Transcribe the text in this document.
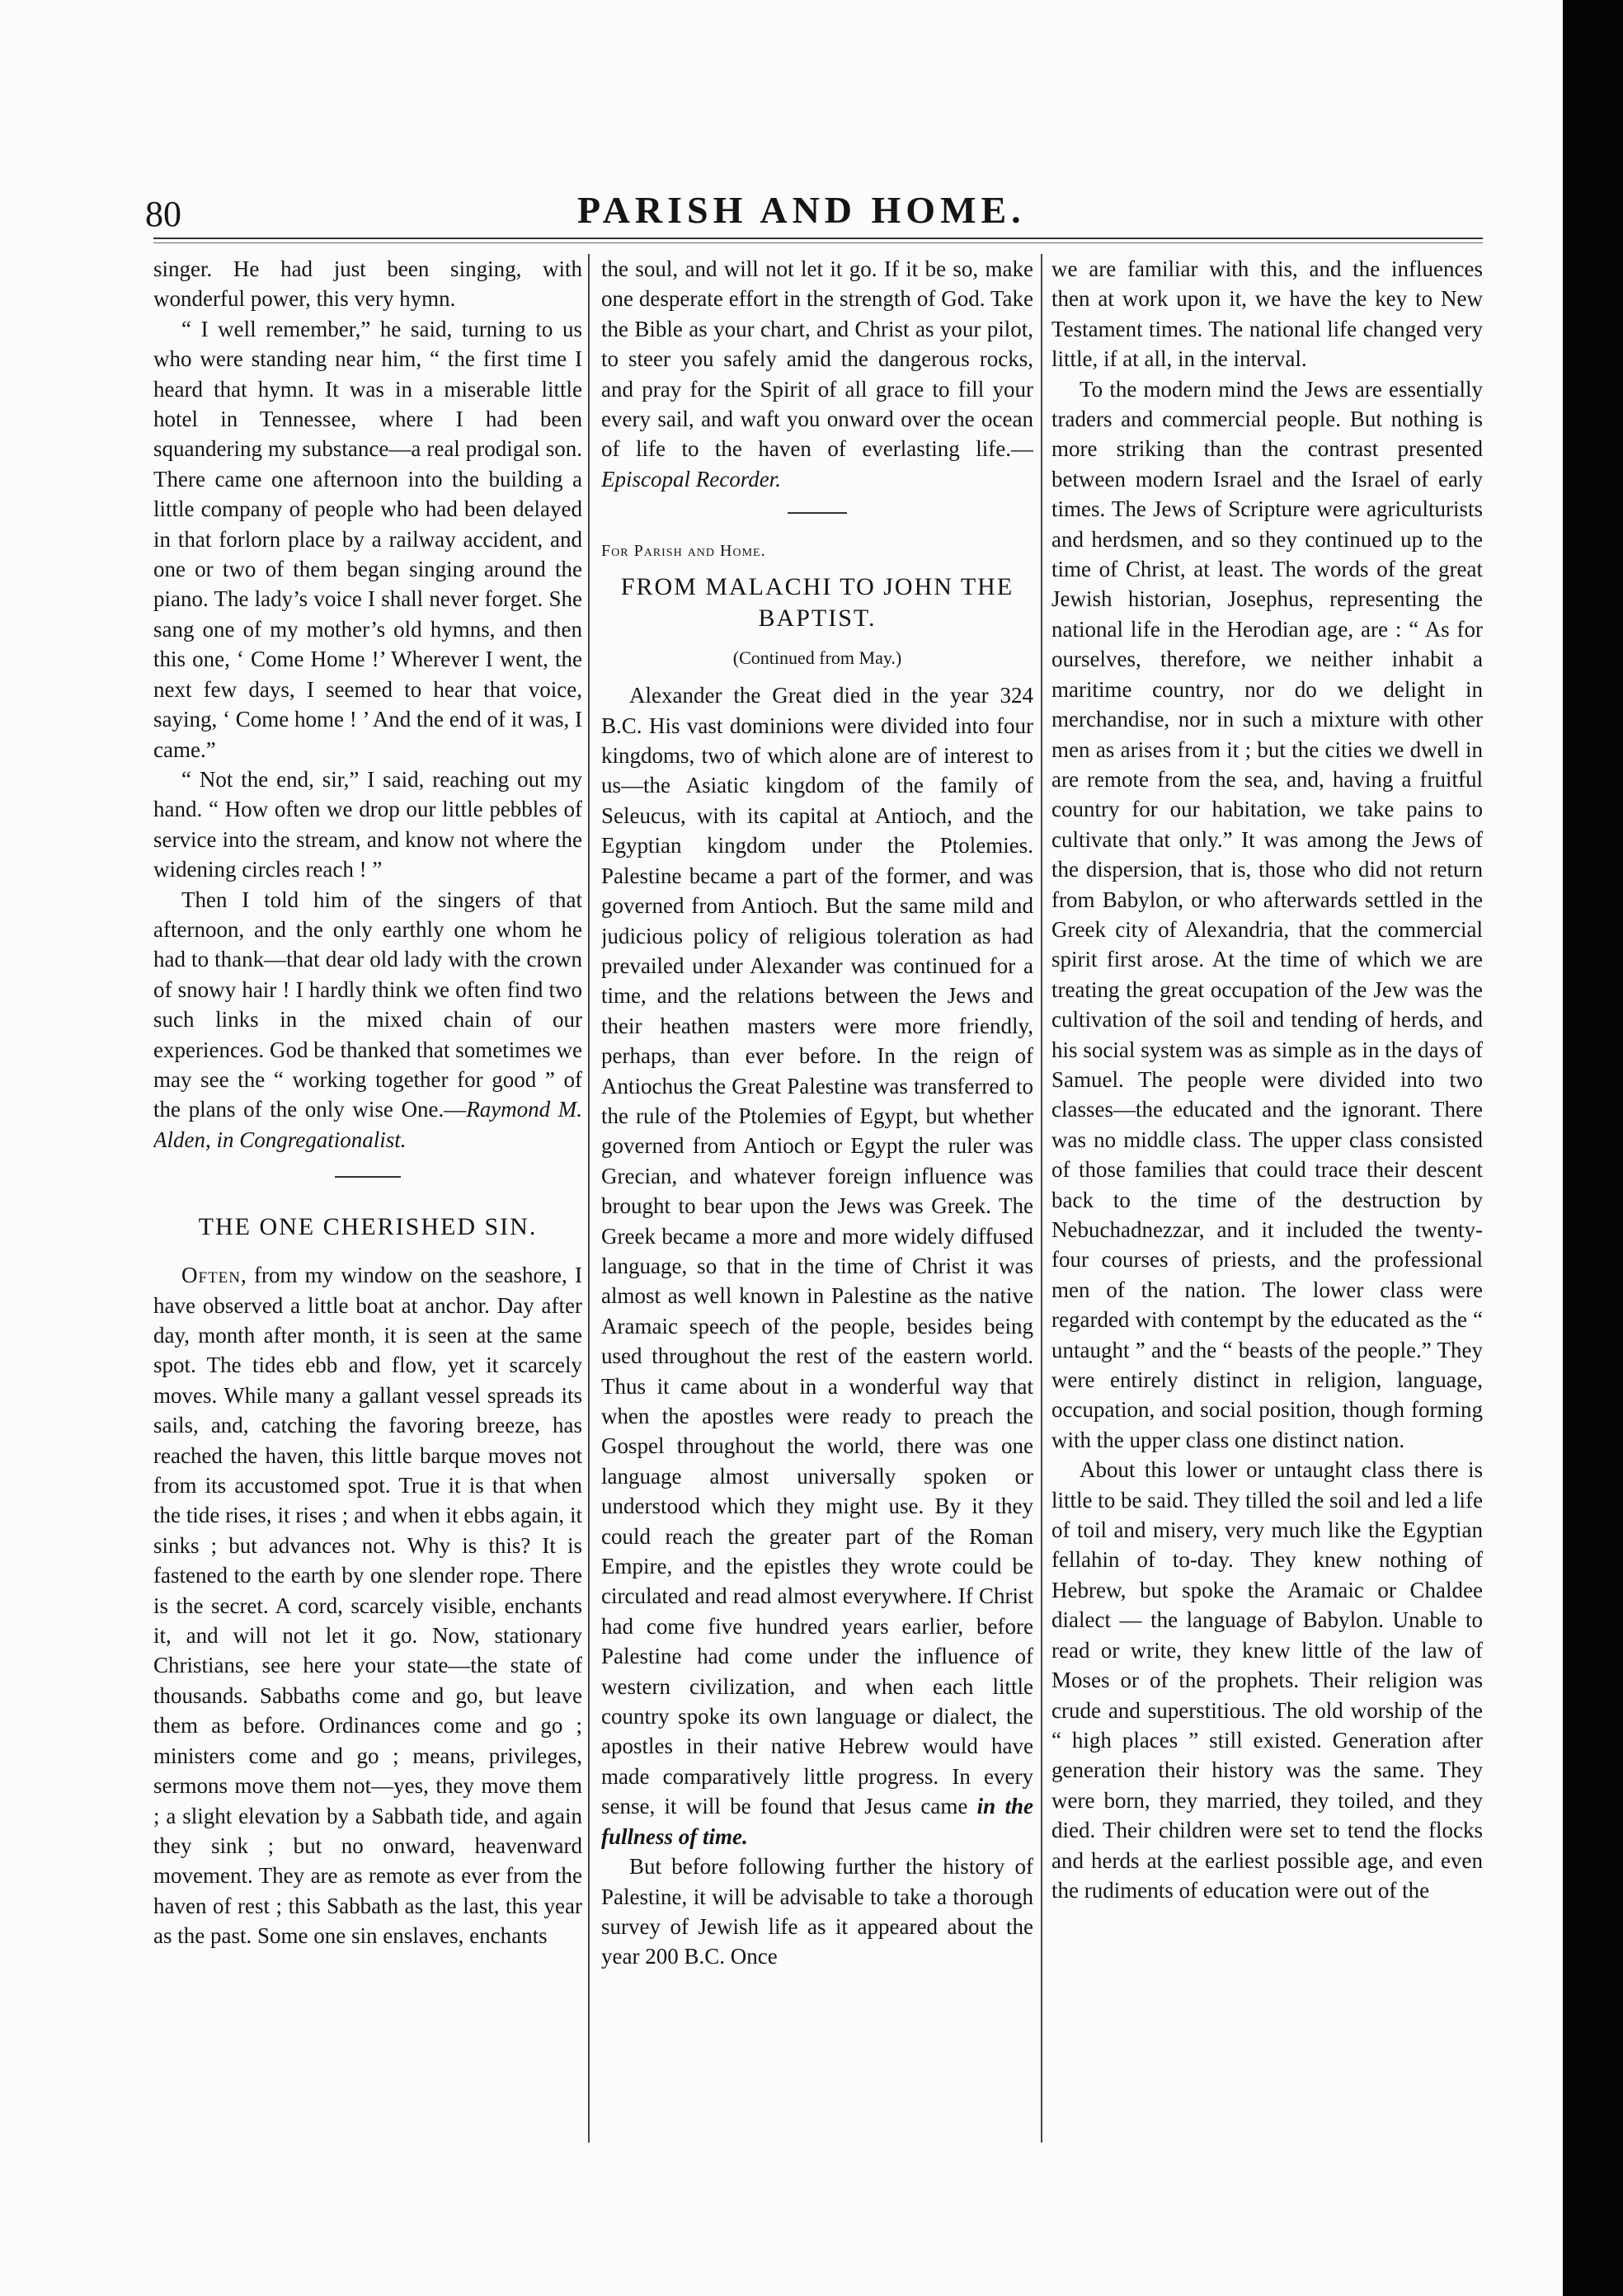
80	PARISH AND HOME.

singer. He had just been singing, with wonderful power, this very hymn.

“ I well remember,” he said, turning to us who were standing near him, “ the first time I heard that hymn. It was in a miserable little hotel in Tennessee, where I had been squandering my substance—a real prodigal son. There came one afternoon into the building a little company of people who had been delayed in that forlorn place by a railway accident, and one or two of them began singing around the piano. The lady’s voice I shall never forget. She sang one of my mother’s old hymns, and then this one, ‘ Come Home !’ Wherever I went, the next few days, I seemed to hear that voice, saying, ‘ Come home ! ’ And the end of it was, I came.”

“ Not the end, sir,” I said, reaching out my hand. “ How often we drop our little pebbles of service into the stream, and know not where the widening circles reach ! ”

Then I told him of the singers of that afternoon, and the only earthly one whom he had to thank—that dear old lady with the crown of snowy hair ! I hardly think we often find two such links in the mixed chain of our experiences. God be thanked that sometimes we may see the “ working together for good ” of the plans of the only wise One.—Raymond M. Alden, in Congregationalist.

THE ONE CHERISHED SIN.

Often, from my window on the seashore, I have observed a little boat at anchor. Day after day, month after month, it is seen at the same spot. The tides ebb and flow, yet it scarcely moves. While many a gallant vessel spreads its sails, and, catching the favoring breeze, has reached the haven, this little barque moves not from its accustomed spot. True it is that when the tide rises, it rises ; and when it ebbs again, it sinks ; but advances not. Why is this? It is fastened to the earth by one slender rope. There is the secret. A cord, scarcely visible, enchants it, and will not let it go. Now, stationary Christians, see here your state—the state of thousands. Sabbaths come and go, but leave them as before. Ordinances come and go ; ministers come and go ; means, privileges, sermons move them not—yes, they move them ; a slight elevation by a Sabbath tide, and again they sink ; but no onward, heavenward movement. They are as remote as ever from the haven of rest ; this Sabbath as the last, this year as the past. Some one sin enslaves, enchants

the soul, and will not let it go. If it be so, make one desperate effort in the strength of God. Take the Bible as your chart, and Christ as your pilot, to steer you safely amid the dangerous rocks, and pray for the Spirit of all grace to fill your every sail, and waft you onward over the ocean of life to the haven of everlasting life.—Episcopal Recorder.

For Parish and Home.
FROM MALACHI TO JOHN THE BAPTIST.
(Continued from May.)

Alexander the Great died in the year 324 B.C. His vast dominions were divided into four kingdoms, two of which alone are of interest to us—the Asiatic kingdom of the family of Seleucus, with its capital at Antioch, and the Egyptian kingdom under the Ptolemies. Palestine became a part of the former, and was governed from Antioch. But the same mild and judicious policy of religious toleration as had prevailed under Alexander was continued for a time, and the relations between the Jews and their heathen masters were more friendly, perhaps, than ever before. In the reign of Antiochus the Great Palestine was transferred to the rule of the Ptolemies of Egypt, but whether governed from Antioch or Egypt the ruler was Grecian, and whatever foreign influence was brought to bear upon the Jews was Greek. The Greek became a more and more widely diffused language, so that in the time of Christ it was almost as well known in Palestine as the native Aramaic speech of the people, besides being used throughout the rest of the eastern world. Thus it came about in a wonderful way that when the apostles were ready to preach the Gospel throughout the world, there was one language almost universally spoken or understood which they might use. By it they could reach the greater part of the Roman Empire, and the epistles they wrote could be circulated and read almost everywhere. If Christ had come five hundred years earlier, before Palestine had come under the influence of western civilization, and when each little country spoke its own language or dialect, the apostles in their native Hebrew would have made comparatively little progress. In every sense, it will be found that Jesus came in the fullness of time.

But before following further the history of Palestine, it will be advisable to take a thorough survey of Jewish life as it appeared about the year 200 B.C. Once

we are familiar with this, and the influences then at work upon it, we have the key to New Testament times. The national life changed very little, if at all, in the interval.

To the modern mind the Jews are essentially traders and commercial people. But nothing is more striking than the contrast presented between modern Israel and the Israel of early times. The Jews of Scripture were agriculturists and herdsmen, and so they continued up to the time of Christ, at least. The words of the great Jewish historian, Josephus, representing the national life in the Herodian age, are : “ As for ourselves, therefore, we neither inhabit a maritime country, nor do we delight in merchandise, nor in such a mixture with other men as arises from it ; but the cities we dwell in are remote from the sea, and, having a fruitful country for our habitation, we take pains to cultivate that only.” It was among the Jews of the dispersion, that is, those who did not return from Babylon, or who afterwards settled in the Greek city of Alexandria, that the commercial spirit first arose. At the time of which we are treating the great occupation of the Jew was the cultivation of the soil and tending of herds, and his social system was as simple as in the days of Samuel. The people were divided into two classes—the educated and the ignorant. There was no middle class. The upper class consisted of those families that could trace their descent back to the time of the destruction by Nebuchadnezzar, and it included the twenty-four courses of priests, and the professional men of the nation. The lower class were regarded with contempt by the educated as the “ untaught ” and the “ beasts of the people.” They were entirely distinct in religion, language, occupation, and social position, though forming with the upper class one distinct nation.

About this lower or untaught class there is little to be said. They tilled the soil and led a life of toil and misery, very much like the Egyptian fellahin of to-day. They knew nothing of Hebrew, but spoke the Aramaic or Chaldee dialect — the language of Babylon. Unable to read or write, they knew little of the law of Moses or of the prophets. Their religion was crude and superstitious. The old worship of the “ high places ” still existed. Generation after generation their history was the same. They were born, they married, they toiled, and they died. Their children were set to tend the flocks and herds at the earliest possible age, and even the rudiments of education were out of the
